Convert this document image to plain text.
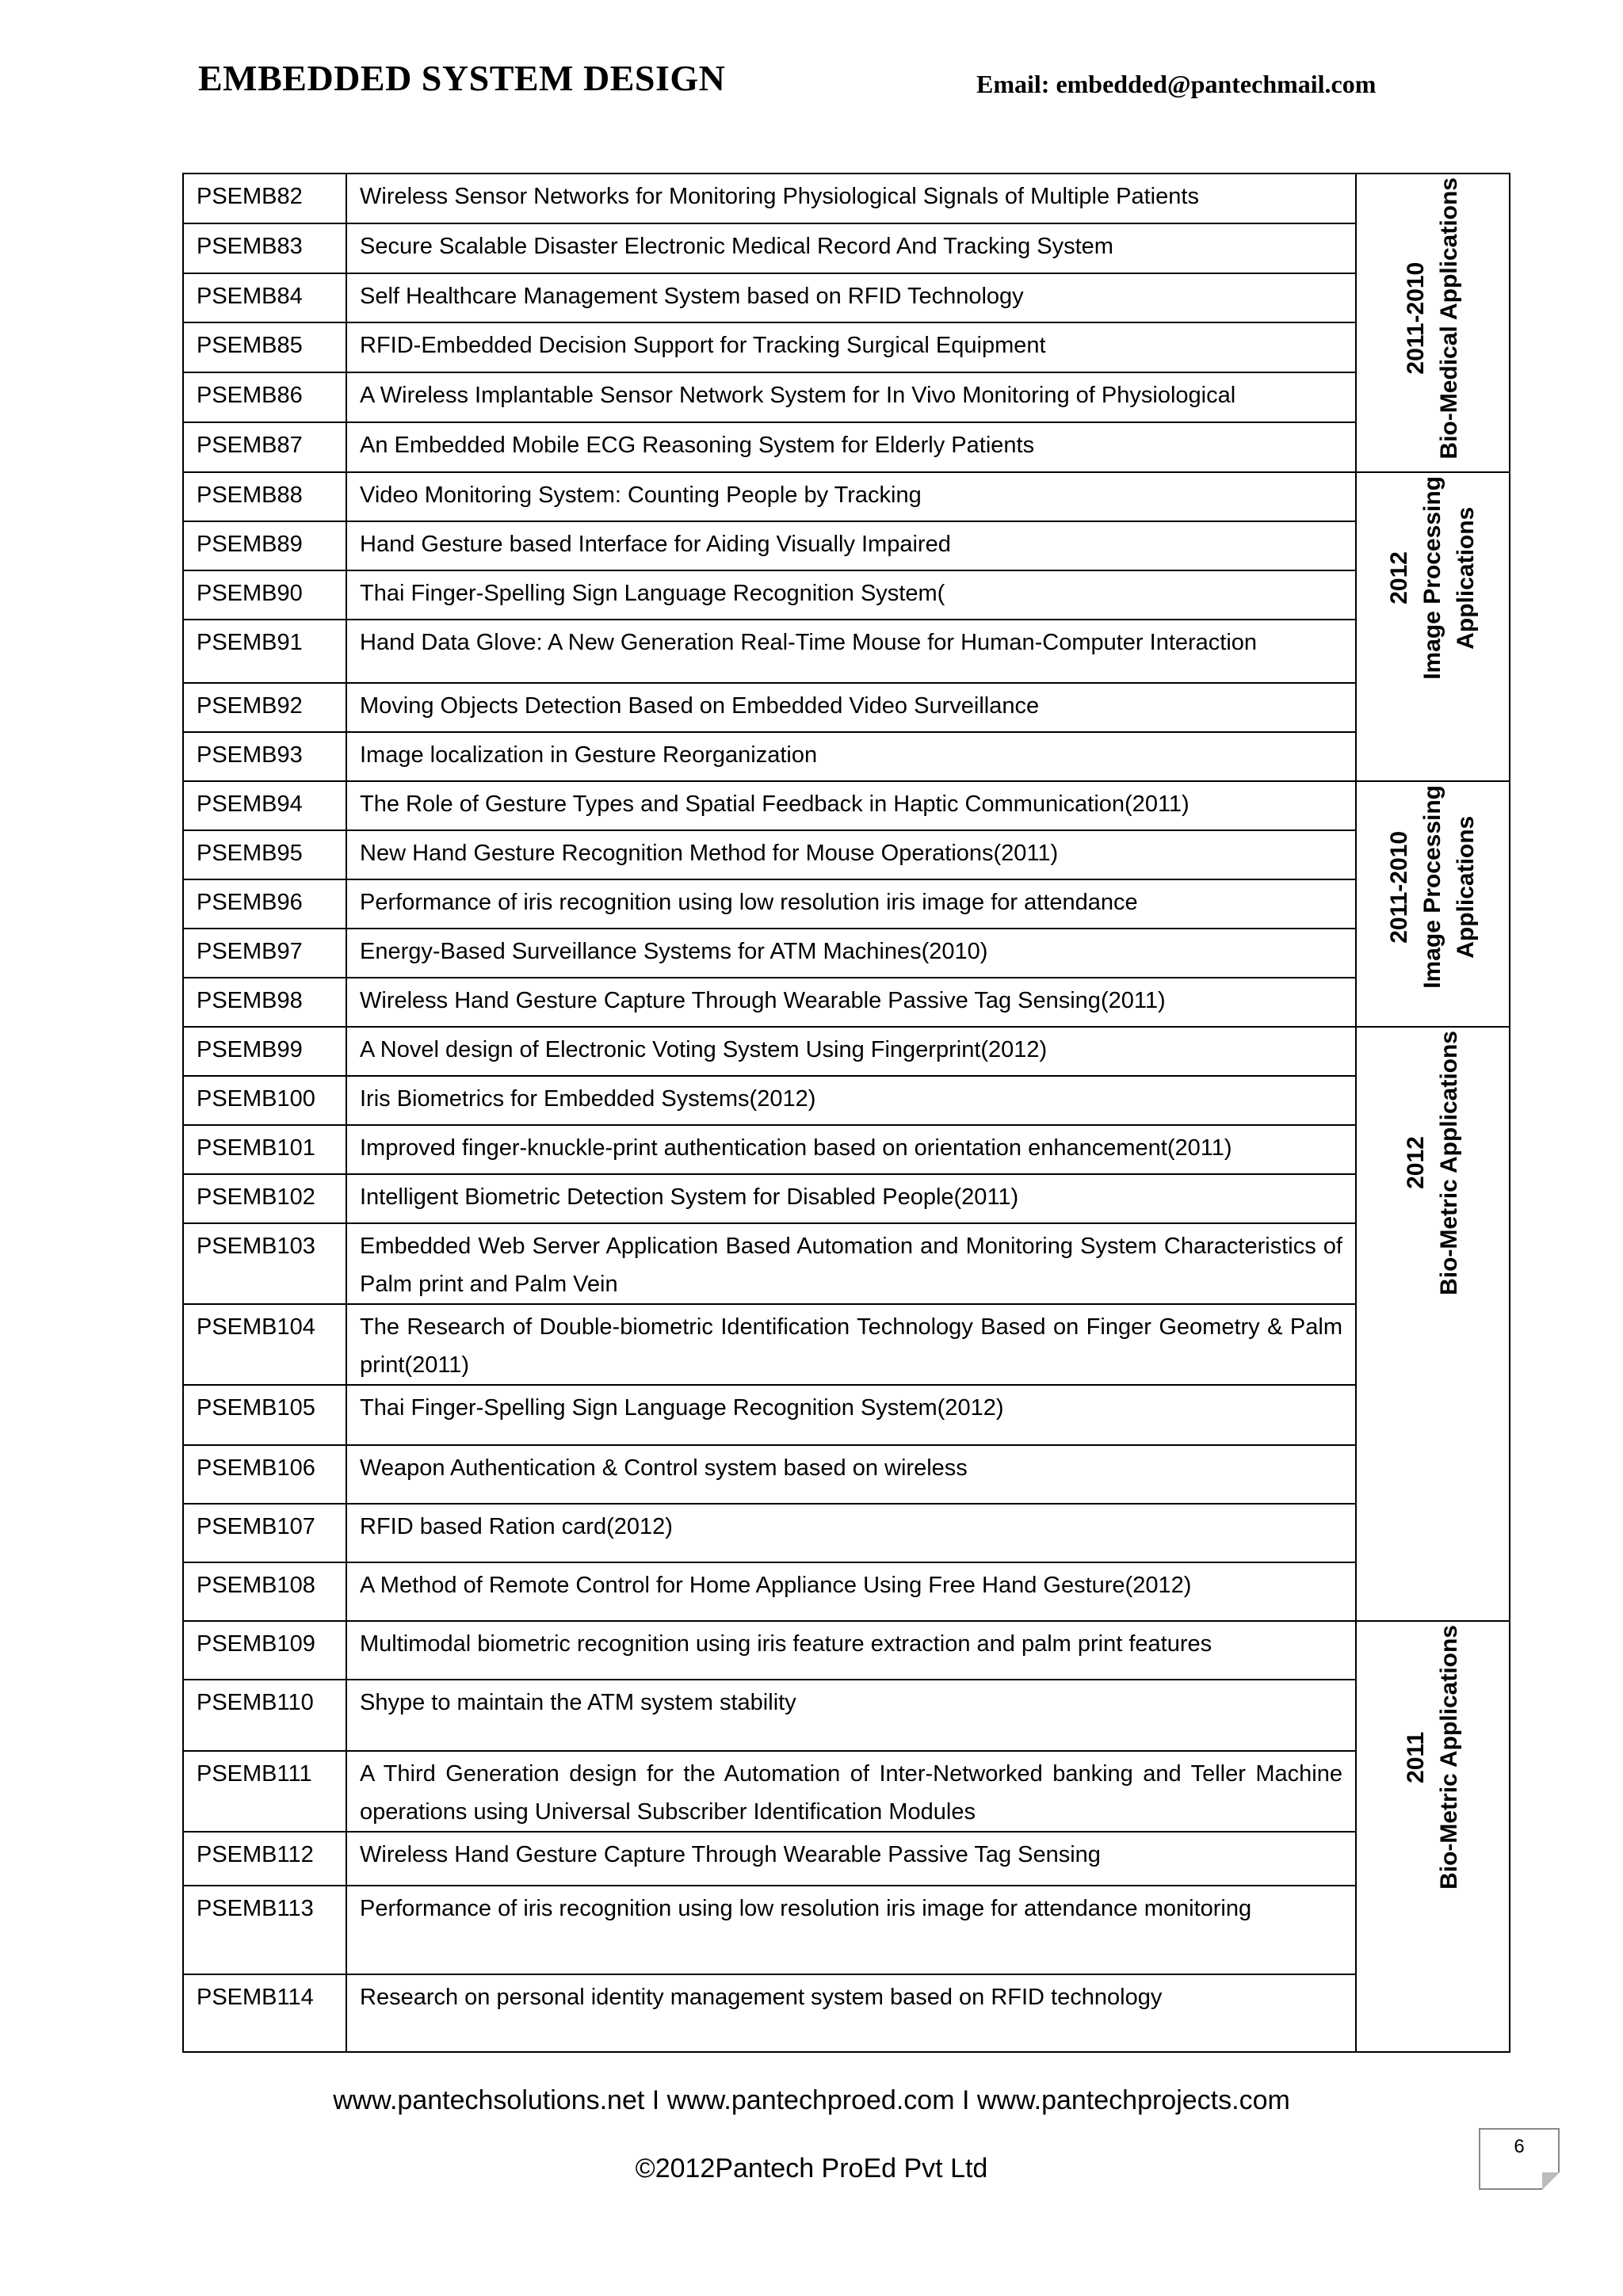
EMBEDDED SYSTEM DESIGN	Email: embedded@pantechmail.com
PSEMB82	Wireless Sensor Networks for Monitoring Physiological Signals of Multiple Patients	2011-2010 Bio-Medical Applications

PSEMB83	Secure Scalable Disaster Electronic Medical Record And Tracking System	
PSEMB84	Self Healthcare Management System based on RFID Technology	
PSEMB85	RFID-Embedded Decision Support for Tracking Surgical Equipment	
PSEMB86	A Wireless Implantable Sensor Network System for In Vivo Monitoring of Physiological	
PSEMB87	An Embedded Mobile ECG Reasoning System for Elderly Patients	
PSEMB88	Video Monitoring System: Counting People by Tracking	2012 Image Processing Applications

PSEMB89	Hand Gesture based Interface for Aiding Visually Impaired	
PSEMB90	Thai Finger-Spelling Sign Language Recognition System(	
PSEMB91	Hand Data Glove: A New Generation Real-Time Mouse for Human-Computer Interaction	
PSEMB92	Moving Objects Detection Based on Embedded Video Surveillance	
PSEMB93	Image localization in Gesture Reorganization	
PSEMB94	The Role of Gesture Types and Spatial Feedback in Haptic Communication(2011)	2011-2010 Image Processing Applications

PSEMB95	New Hand Gesture Recognition Method for Mouse Operations(2011)	
PSEMB96	Performance of iris recognition using low resolution iris image for attendance	
PSEMB97	Energy-Based Surveillance Systems for ATM Machines(2010)	
PSEMB98	Wireless Hand Gesture Capture Through Wearable Passive Tag Sensing(2011)	
PSEMB99	A Novel design of Electronic Voting System Using Fingerprint(2012)	2012 Bio-Metric Applications

PSEMB100	Iris Biometrics for Embedded Systems(2012)	
PSEMB101	Improved finger-knuckle-print authentication based on orientation enhancement(2011)	
PSEMB102	Intelligent Biometric Detection System for Disabled People(2011)	
PSEMB103	Embedded Web Server Application Based Automation and Monitoring System Characteristics of Palm print and Palm Vein	
PSEMB104	The Research of Double-biometric Identification Technology Based on Finger Geometry & Palm print(2011)	
PSEMB105	Thai Finger-Spelling Sign Language Recognition System(2012)	
PSEMB106	Weapon Authentication & Control system based on wireless	
PSEMB107	RFID based Ration card(2012)	
PSEMB108	A Method of Remote Control for Home Appliance Using Free Hand Gesture(2012)	
PSEMB109	Multimodal biometric recognition using iris feature extraction and palm print features	2011 Bio-Metric Applications

PSEMB110	Shype to maintain the ATM system stability	
PSEMB111	A Third Generation design for the Automation of Inter-Networked banking and Teller Machine operations using Universal Subscriber Identification Modules	
PSEMB112	Wireless Hand Gesture Capture Through Wearable Passive Tag Sensing	
PSEMB113	Performance of iris recognition using low resolution iris image for attendance monitoring	
PSEMB114	Research on personal identity management system based on RFID technology	
www.pantechsolutions.net I www.pantechproed.com I www.pantechprojects.com
©2012Pantech ProEd Pvt Ltd
6
